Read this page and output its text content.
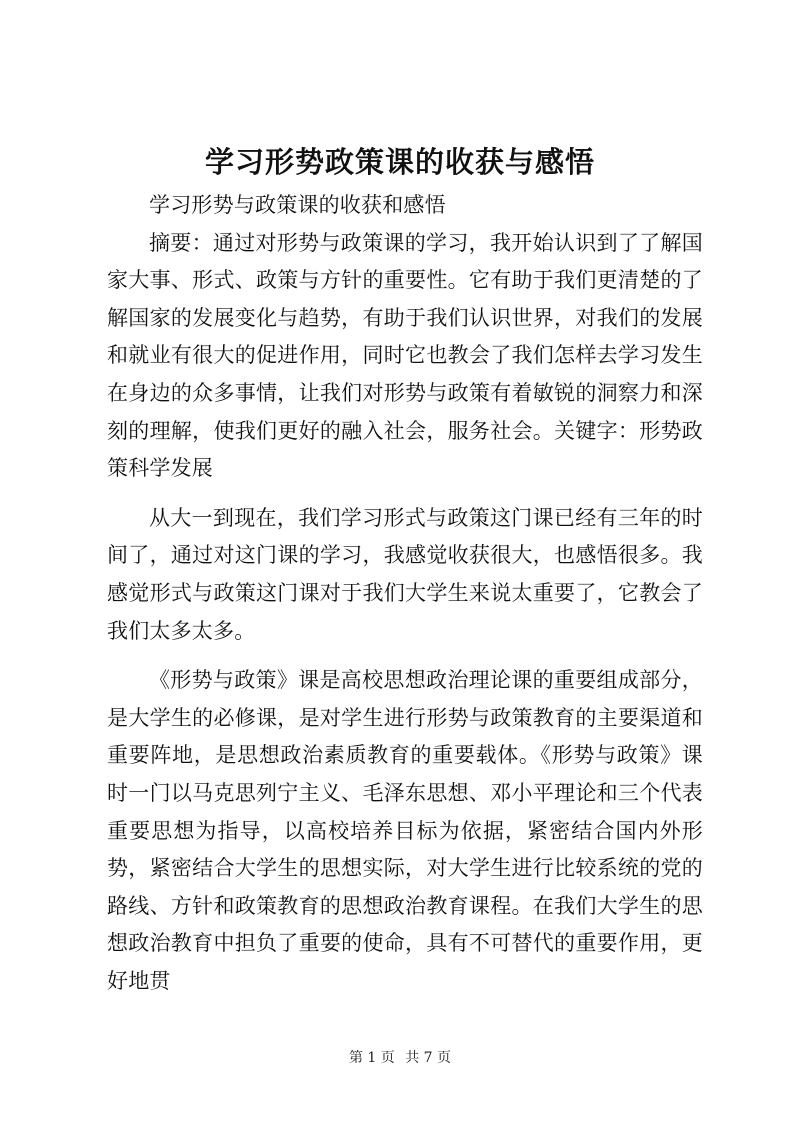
学习形势政策课的收获与感悟

学习形势与政策课的收获和感悟

摘要：通过对形势与政策课的学习，我开始认识到了了解国家大事、形式、政策与方针的重要性。它有助于我们更清楚的了解国家的发展变化与趋势，有助于我们认识世界，对我们的发展和就业有很大的促进作用，同时它也教会了我们怎样去学习发生在身边的众多事情，让我们对形势与政策有着敏锐的洞察力和深刻的理解，使我们更好的融入社会，服务社会。关键字：形势政策科学发展

从大一到现在，我们学习形式与政策这门课已经有三年的时间了，通过对这门课的学习，我感觉收获很大，也感悟很多。我感觉形式与政策这门课对于我们大学生来说太重要了，它教会了我们太多太多。

《形势与政策》课是高校思想政治理论课的重要组成部分，是大学生的必修课，是对学生进行形势与政策教育的主要渠道和重要阵地，是思想政治素质教育的重要载体。《形势与政策》课时一门以马克思列宁主义、毛泽东思想、邓小平理论和三个代表重要思想为指导，以高校培养目标为依据，紧密结合国内外形势，紧密结合大学生的思想实际，对大学生进行比较系统的党的路线、方针和政策教育的思想政治教育课程。在我们大学生的思想政治教育中担负了重要的使命，具有不可替代的重要作用，更好地贯

第 1 页 共 7 页
